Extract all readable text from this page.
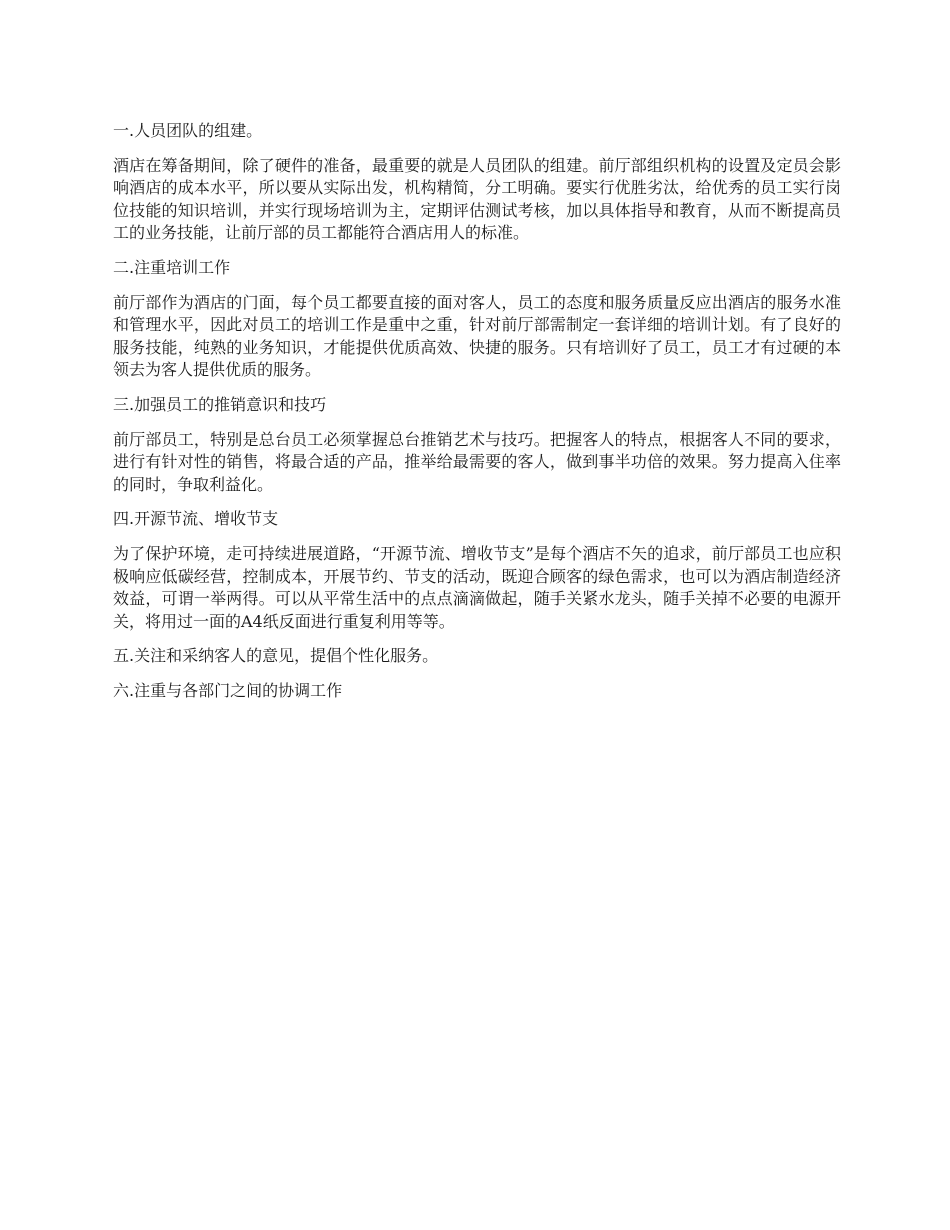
一.人员团队的组建。

酒店在筹备期间，除了硬件的准备，最重要的就是人员团队的组建。前厅部组织机构的设置及定员会影响酒店的成本水平，所以要从实际出发，机构精简，分工明确。要实行优胜劣汰，给优秀的员工实行岗位技能的知识培训，并实行现场培训为主，定期评估测试考核，加以具体指导和教育，从而不断提高员工的业务技能，让前厅部的员工都能符合酒店用人的标准。

二.注重培训工作

前厅部作为酒店的门面，每个员工都要直接的面对客人，员工的态度和服务质量反应出酒店的服务水准和管理水平，因此对员工的培训工作是重中之重，针对前厅部需制定一套详细的培训计划。有了良好的服务技能，纯熟的业务知识，才能提供优质高效、快捷的服务。只有培训好了员工，员工才有过硬的本领去为客人提供优质的服务。

三.加强员工的推销意识和技巧

前厅部员工，特别是总台员工必须掌握总台推销艺术与技巧。把握客人的特点，根据客人不同的要求，进行有针对性的销售，将最合适的产品，推举给最需要的客人，做到事半功倍的效果。努力提高入住率的同时，争取利益化。

四.开源节流、增收节支

为了保护环境，走可持续进展道路，“开源节流、增收节支”是每个酒店不矢的追求，前厅部员工也应积极响应低碳经营，控制成本，开展节约、节支的活动，既迎合顾客的绿色需求，也可以为酒店制造经济效益，可谓一举两得。可以从平常生活中的点点滴滴做起，随手关紧水龙头，随手关掉不必要的电源开关，将用过一面的A4纸反面进行重复利用等等。

五.关注和采纳客人的意见，提倡个性化服务。

六.注重与各部门之间的协调工作
